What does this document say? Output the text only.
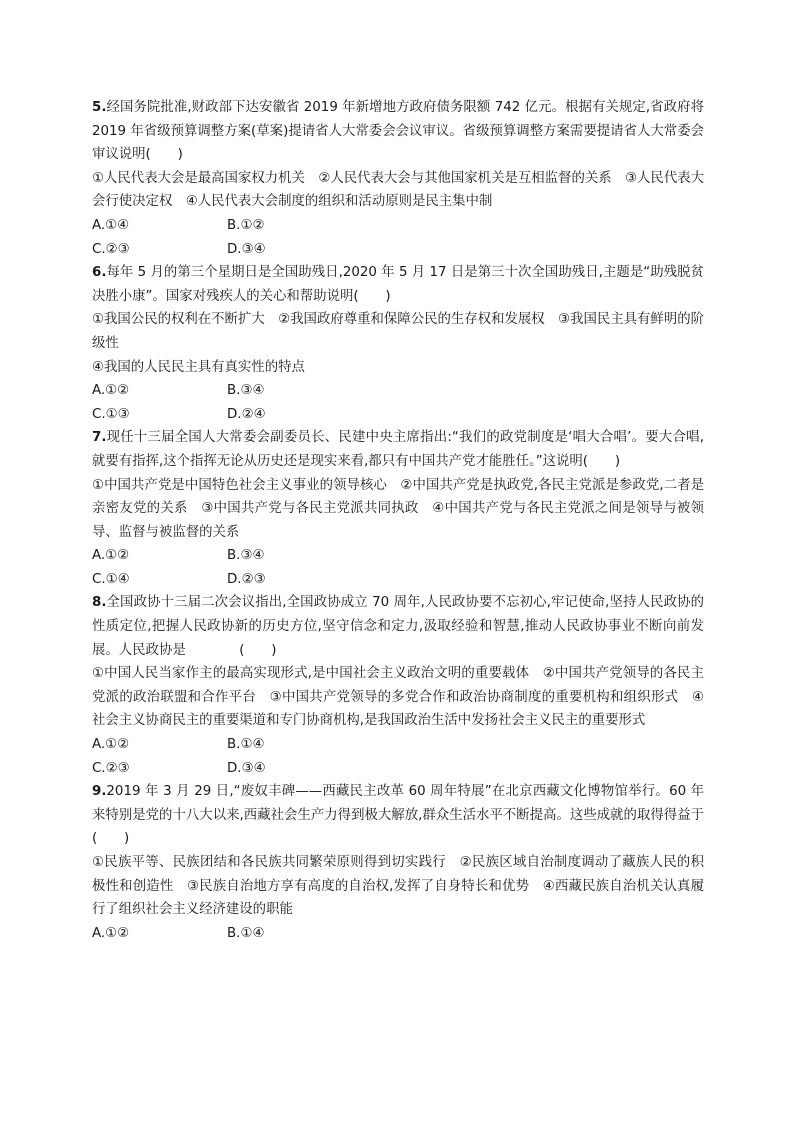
5.经国务院批准,财政部下达安徽省 2019 年新增地方政府债务限额 742 亿元。根据有关规定,省政府将 2019 年省级预算调整方案(草案)提请省人大常委会会议审议。省级预算调整方案需要提请省人大常委会审议说明(　　)

①人民代表大会是最高国家权力机关　②人民代表大会与其他国家机关是互相监督的关系　③人民代表大会行使决定权　④人民代表大会制度的组织和活动原则是民主集中制

A.①④	B.①②
C.②③	D.③④

6.每年 5 月的第三个星期日是全国助残日,2020 年 5 月 17 日是第三十次全国助残日,主题是“助残脱贫 决胜小康”。国家对残疾人的关心和帮助说明(　　)

①我国公民的权利在不断扩大　②我国政府尊重和保障公民的生存权和发展权　③我国民主具有鲜明的阶级性

④我国的人民民主具有真实性的特点

A.①②	B.③④
C.①③	D.②④

7.现任十三届全国人大常委会副委员长、民建中央主席指出:“我们的政党制度是‘唱大合唱’。要大合唱,就要有指挥,这个指挥无论从历史还是现实来看,都只有中国共产党才能胜任。”这说明(　　)

①中国共产党是中国特色社会主义事业的领导核心　②中国共产党是执政党,各民主党派是参政党,二者是亲密友党的关系　③中国共产党与各民主党派共同执政　④中国共产党与各民主党派之间是领导与被领导、监督与被监督的关系

A.①②	B.③④
C.①④	D.②③

8.全国政协十三届二次会议指出,全国政协成立 70 周年,人民政协要不忘初心,牢记使命,坚持人民政协的性质定位,把握人民政协新的历史方位,坚守信念和定力,汲取经验和智慧,推动人民政协事业不断向前发展。人民政协是　　　　(　　)

①中国人民当家作主的最高实现形式,是中国社会主义政治文明的重要载体　②中国共产党领导的各民主党派的政治联盟和合作平台　③中国共产党领导的多党合作和政治协商制度的重要机构和组织形式　④社会主义协商民主的重要渠道和专门协商机构,是我国政治生活中发扬社会主义民主的重要形式

A.①②	B.①④
C.②③	D.③④

9.2019 年 3 月 29 日,“废奴丰碑——西藏民主改革 60 周年特展”在北京西藏文化博物馆举行。60 年来特别是党的十八大以来,西藏社会生产力得到极大解放,群众生活水平不断提高。这些成就的取得得益于(　　)

①民族平等、民族团结和各民族共同繁荣原则得到切实践行　②民族区域自治制度调动了藏族人民的积极性和创造性　③民族自治地方享有高度的自治权,发挥了自身特长和优势　④西藏民族自治机关认真履行了组织社会主义经济建设的职能

A.①②	B.①④
